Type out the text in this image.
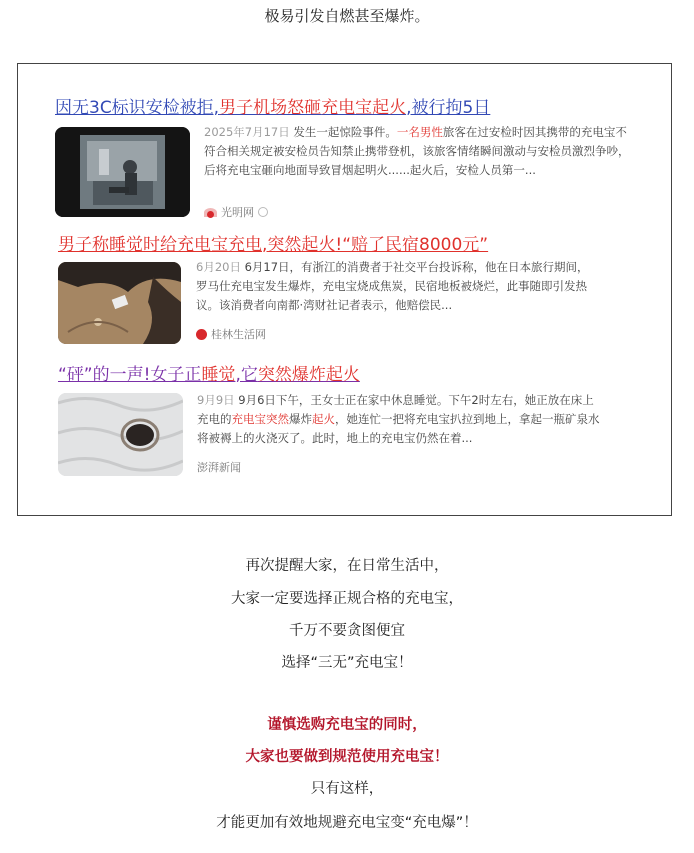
极易引发自燃甚至爆炸。
因无3C标识安检被拒,男子机场怒砸充电宝起火,被行拘5日
2025年7月17日 发生一起惊险事件。一名男性旅客在过安检时因其携带的充电宝不符合相关规定被安检员告知禁止携带登机，该旅客情绪瞬间激动与安检员激烈争吵，后将充电宝砸向地面导致冒烟起明火......起火后，安检人员第一...
光明网
男子称睡觉时给充电宝充电,突然起火!“赔了民宿8000元”
6月20日 6月17日，有浙江的消费者于社交平台投诉称，他在日本旅行期间，罗马仕充电宝发生爆炸，充电宝烧成焦炭，民宿地板被烧烂，此事随即引发热议。该消费者向南都·湾财社记者表示，他赔偿民...
桂林生活网
“砰”的一声!女子正睡觉,它突然爆炸起火
9月9日 9月6日下午，王女士正在家中休息睡觉。下午2时左右，她正放在床上充电的充电宝突然爆炸起火，她连忙一把将充电宝扒拉到地上，拿起一瓶矿泉水将被褥上的火浇灭了。此时，地上的充电宝仍然在着...
澎湃新闻
再次提醒大家，在日常生活中，
大家一定要选择正规合格的充电宝，
千万不要贪图便宜
选择“三无”充电宝！
谨慎选购充电宝的同时，
大家也要做到规范使用充电宝！
只有这样，
才能更加有效地规避充电宝变“充电爆”！
